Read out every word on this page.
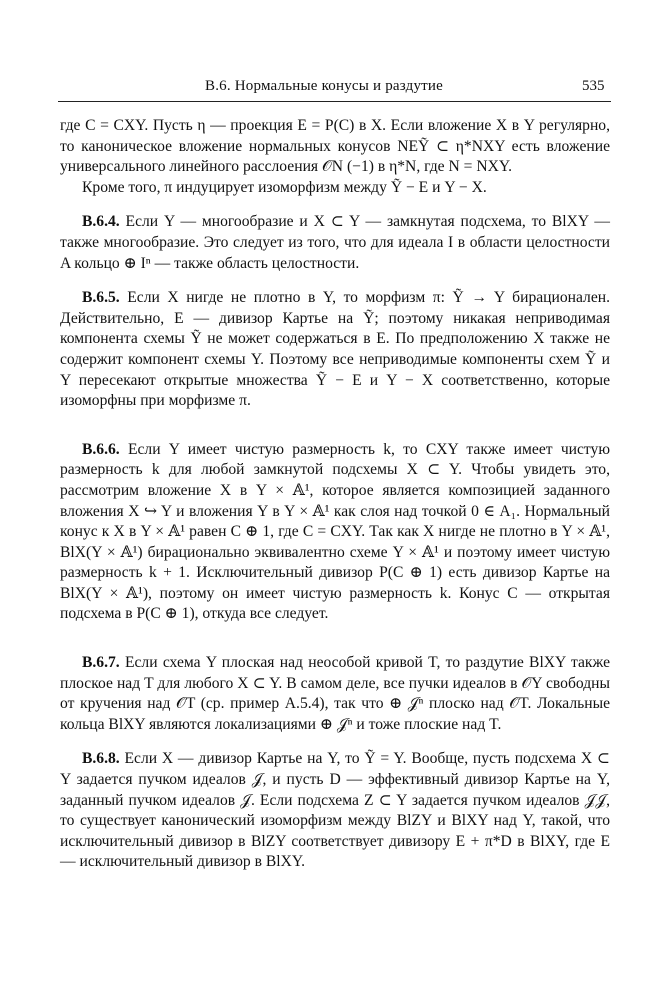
В.6. Нормальные конусы и раздутие	535

где C = CXY. Пусть η — проекция E = P(C) в X. Если вложение X в Y регулярно, то каноническое вложение нормальных конусов NEỸ ⊂ η*NXY есть вложение универсального линейного расслоения 𝒪N (−1) в η*N, где N = NXY.

Кроме того, π индуцирует изоморфизм между Ỹ − E и Y − X.

В.6.4. Если Y — многообразие и X ⊂ Y — замкнутая подсхема, то BlXY — также многообразие. Это следует из того, что для идеала I в области целостности A кольцо ⊕ Iⁿ — также область целостности.

В.6.5. Если X нигде не плотно в Y, то морфизм π: Ỹ → Y бирационален. Действительно, E — дивизор Картье на Ỹ; поэтому никакая неприводимая компонента схемы Ỹ не может содержаться в E. По предположению X также не содержит компонент схемы Y. Поэтому все неприводимые компоненты схем Ỹ и Y пересекают открытые множества Ỹ − E и Y − X соответственно, которые изоморфны при морфизме π.

В.6.6. Если Y имеет чистую размерность k, то CXY также имеет чистую размерность k для любой замкнутой подсхемы X ⊂ Y. Чтобы увидеть это, рассмотрим вложение X в Y × 𝔸¹, которое является композицией заданного вложения X ↪ Y и вложения Y в Y × 𝔸¹ как слоя над точкой 0 ∈ A₁. Нормальный конус к X в Y × 𝔸¹ равен C ⊕ 1, где C = CXY. Так как X нигде не плотно в Y × 𝔸¹, BlX(Y × 𝔸¹) бирационально эквивалентно схеме Y × 𝔸¹ и поэтому имеет чистую размерность k + 1. Исключительный дивизор P(C ⊕ 1) есть дивизор Картье на BlX(Y × 𝔸¹), поэтому он имеет чистую размерность k. Конус C — открытая подсхема в P(C ⊕ 1), откуда все следует.

В.6.7. Если схема Y плоская над неособой кривой T, то раздутие BlXY также плоское над T для любого X ⊂ Y. В самом деле, все пучки идеалов в 𝒪Y свободны от кручения над 𝒪T (ср. пример А.5.4), так что ⊕ 𝒥ⁿ плоско над 𝒪T. Локальные кольца BlXY являются локализациями ⊕ 𝒥ⁿ и тоже плоские над T.

В.6.8. Если X — дивизор Картье на Y, то Ỹ = Y. Вообще, пусть подсхема X ⊂ Y задается пучком идеалов 𝒥, и пусть D — эффективный дивизор Картье на Y, заданный пучком идеалов 𝒥. Если подсхема Z ⊂ Y задается пучком идеалов 𝒥𝒥, то существует канонический изоморфизм между BlZY и BlXY над Y, такой, что исключительный дивизор в BlZY соответствует дивизору E + π*D в BlXY, где E — исключительный дивизор в BlXY.
